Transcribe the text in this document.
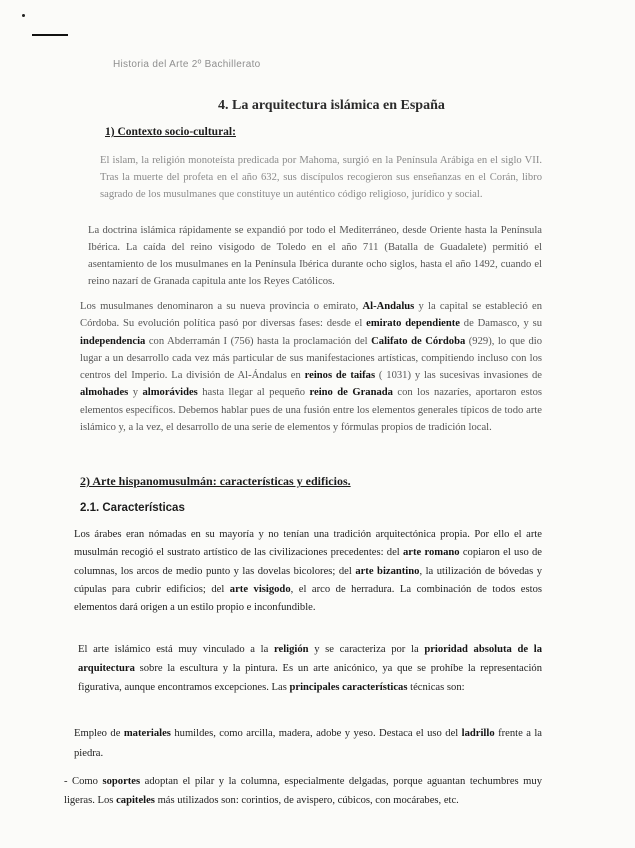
Historia del Arte 2º Bachillerato
4. La arquitectura islámica en España
1) Contexto socio-cultural:

El islam, la religión monoteísta predicada por Mahoma, surgió en la Península Arábiga en el siglo VII. Tras la muerte del profeta en el año 632, sus discípulos recogieron sus enseñanzas en el Corán, libro sagrado de los musulmanes que constituye un auténtico código religioso, jurídico y social.

La doctrina islámica rápidamente se expandió por todo el Mediterráneo, desde Oriente hasta la Península Ibérica. La caída del reino visigodo de Toledo en el año 711 (Batalla de Guadalete) permitió el asentamiento de los musulmanes en la Península Ibérica durante ocho siglos, hasta el año 1492, cuando el reino nazarí de Granada capitula ante los Reyes Católicos.

Los musulmanes denominaron a su nueva provincia o emirato, Al-Andalus y la capital se estableció en Córdoba. Su evolución política pasó por diversas fases: desde el emirato dependiente de Damasco, y su independencia con Abderramán I (756) hasta la proclamación del Califato de Córdoba (929), lo que dio lugar a un desarrollo cada vez más particular de sus manifestaciones artísticas, compitiendo incluso con los centros del Imperio. La división de Al-Ándalus en reinos de taifas ( 1031) y las sucesivas invasiones de almohades y almorávides hasta llegar al pequeño reino de Granada con los nazaríes, aportaron estos elementos específicos. Debemos hablar pues de una fusión entre los elementos generales típicos de todo arte islámico y, a la vez, el desarrollo de una serie de elementos y fórmulas propios de tradición local.

2) Arte hispanomusulmán: características y edificios.
2.1. Características

Los árabes eran nómadas en su mayoría y no tenían una tradición arquitectónica propia. Por ello el arte musulmán recogió el sustrato artístico de las civilizaciones precedentes: del arte romano copiaron el uso de columnas, los arcos de medio punto y las dovelas bicolores; del arte bizantino, la utilización de bóvedas y cúpulas para cubrir edificios; del arte visigodo, el arco de herradura. La combinación de todos estos elementos dará origen a un estilo propio e inconfundible.

El arte islámico está muy vinculado a la religión y se caracteriza por la prioridad absoluta de la arquitectura sobre la escultura y la pintura. Es un arte anicónico, ya que se prohíbe la representación figurativa, aunque encontramos excepciones. Las principales características técnicas son:

Empleo de materiales humildes, como arcilla, madera, adobe y yeso. Destaca el uso del ladrillo frente a la piedra.

- Como soportes adoptan el pilar y la columna, especialmente delgadas, porque aguantan techumbres muy ligeras. Los capiteles más utilizados son: corintios, de avispero, cúbicos, con mocárabes, etc.
